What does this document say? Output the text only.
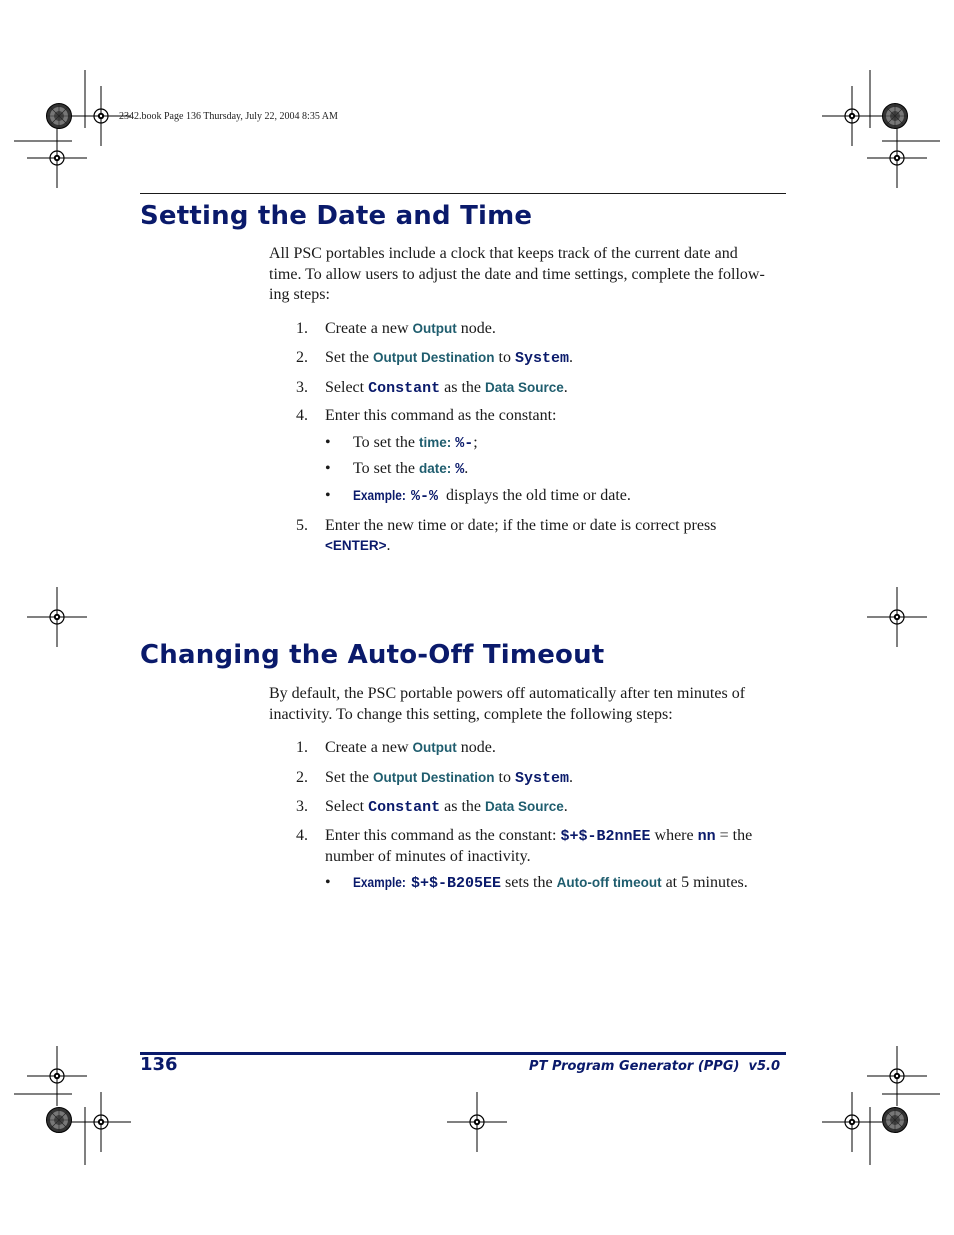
2342.book Page 136 Thursday, July 22, 2004 8:35 AM
Setting the Date and Time
All PSC portables include a clock that keeps track of the current date and
time. To allow users to adjust the date and time settings, complete the follow-
ing steps:
1. Create a new Output node.
2. Set the Output Destination to System.
3. Select Constant as the Data Source.
4. Enter this command as the constant:
• To set the time: %-;
• To set the date: %.
• Example: %-%  displays the old time or date.
5. Enter the new time or date; if the time or date is correct press
<ENTER>.
Changing the Auto-Off Timeout
By default, the PSC portable powers off automatically after ten minutes of
inactivity. To change this setting, complete the following steps:
1. Create a new Output node.
2. Set the Output Destination to System.
3. Select Constant as the Data Source.
4. Enter this command as the constant: $+$-B2nnEE where nn = the
number of minutes of inactivity.
• Example: $+$-B205EE sets the Auto-off timeout at 5 minutes.
136	PT Program Generator (PPG)  v5.0
